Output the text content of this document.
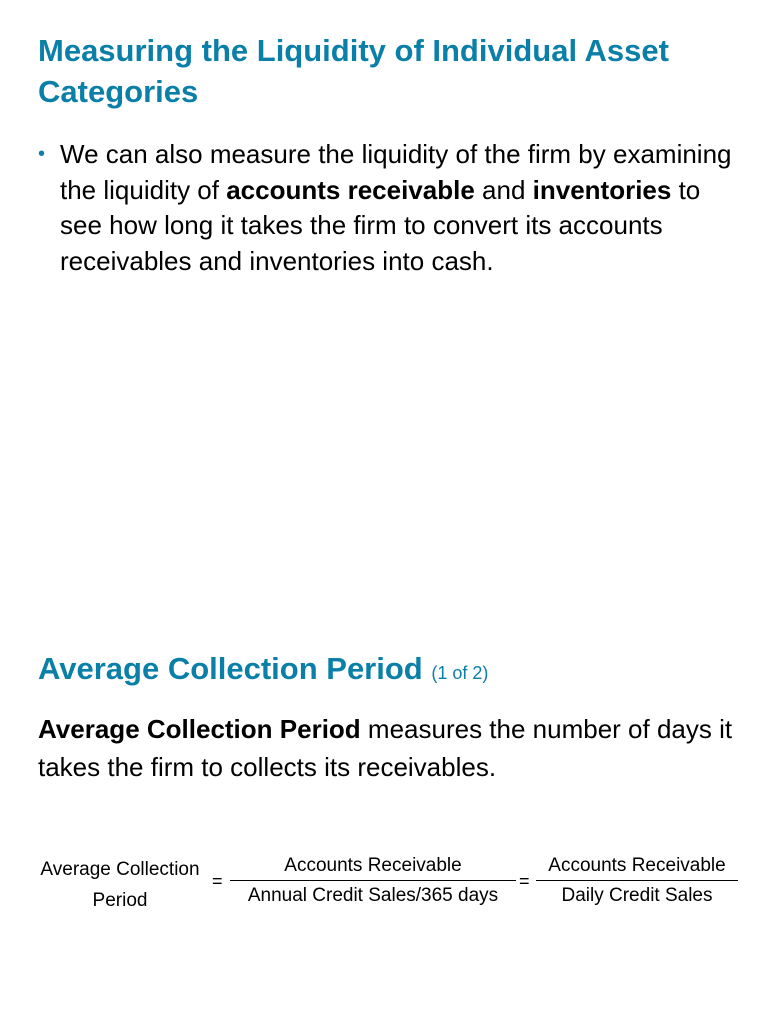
Measuring the Liquidity of Individual Asset Categories
• We can also measure the liquidity of the firm by examining the liquidity of accounts receivable and inventories to see how long it takes the firm to convert its accounts receivables and inventories into cash.
Average Collection Period (1 of 2)

Average Collection Period measures the number of days it takes the firm to collects its receivables.

Average Collection
Period
=
Accounts Receivable
Annual Credit Sales/365 days
=
Accounts Receivable
Daily Credit Sales
